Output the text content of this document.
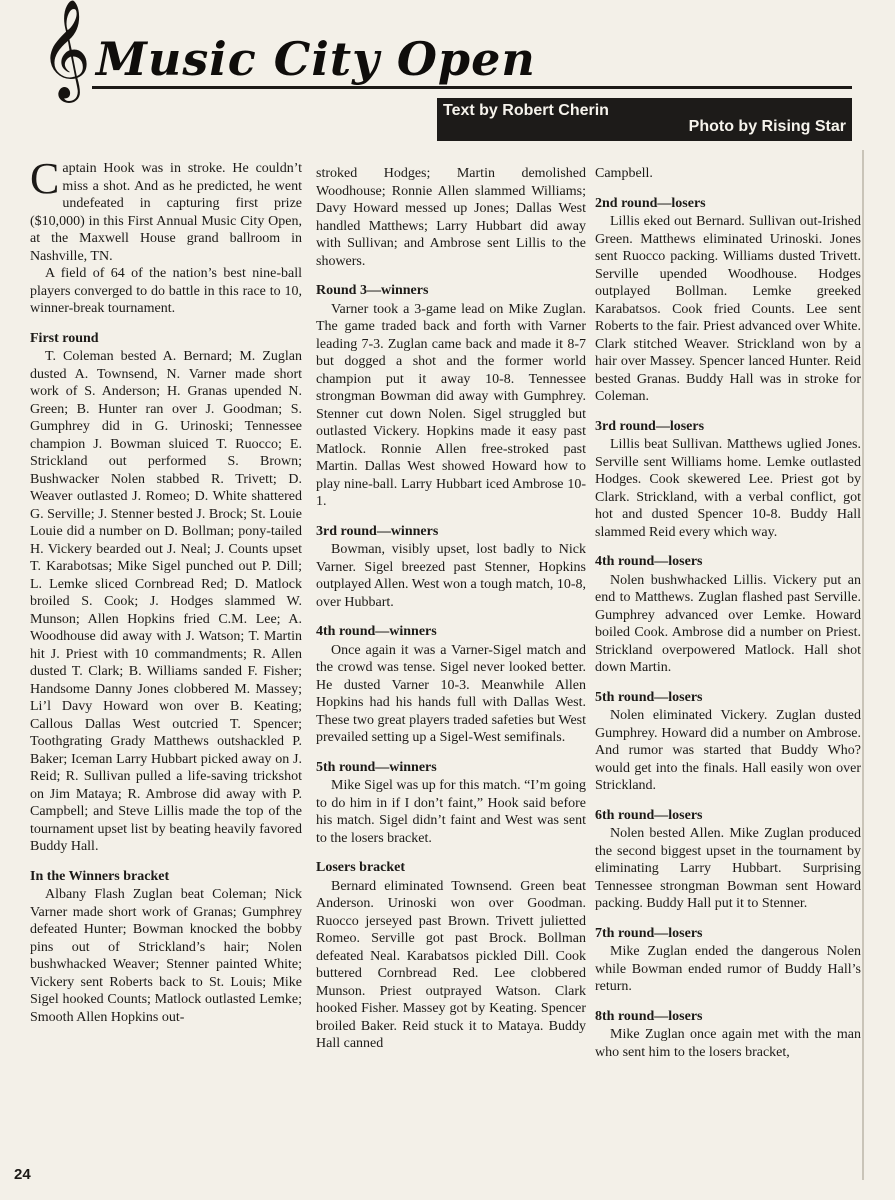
𝄞 Music City Open
Text by Robert Cherin
Photo by Rising Star

Captain Hook was in stroke. He couldn’t miss a shot. And as he predicted, he went undefeated in capturing first prize ($10,000) in this First Annual Music City Open, at the Maxwell House grand ballroom in Nashville, TN.

A field of 64 of the nation’s best nine-ball players converged to do battle in this race to 10, winner-break tournament.

First round

T. Coleman bested A. Bernard; M. Zuglan dusted A. Townsend, N. Varner made short work of S. Anderson; H. Granas upended N. Green; B. Hunter ran over J. Goodman; S. Gumphrey did in G. Urinoski; Tennessee champion J. Bowman sluiced T. Ruocco; E. Strickland out performed S. Brown; Bushwacker Nolen stabbed R. Trivett; D. Weaver outlasted J. Romeo; D. White shattered G. Serville; J. Stenner bested J. Brock; St. Louie Louie did a number on D. Bollman; pony-tailed H. Vickery bearded out J. Neal; J. Counts upset T. Karabotsas; Mike Sigel punched out P. Dill; L. Lemke sliced Cornbread Red; D. Matlock broiled S. Cook; J. Hodges slammed W. Munson; Allen Hopkins fried C.M. Lee; A. Woodhouse did away with J. Watson; T. Martin hit J. Priest with 10 commandments; R. Allen dusted T. Clark; B. Williams sanded F. Fisher; Handsome Danny Jones clobbered M. Massey; Li’l Davy Howard won over B. Keating; Callous Dallas West outcried T. Spencer; Toothgrating Grady Matthews outshackled P. Baker; Iceman Larry Hubbart picked away on J. Reid; R. Sullivan pulled a life-saving trickshot on Jim Mataya; R. Ambrose did away with P. Campbell; and Steve Lillis made the top of the tournament upset list by beating heavily favored Buddy Hall.

In the Winners bracket

Albany Flash Zuglan beat Coleman; Nick Varner made short work of Granas; Gumphrey defeated Hunter; Bowman knocked the bobby pins out of Strickland’s hair; Nolen bushwhacked Weaver; Stenner painted White; Vickery sent Roberts back to St. Louis; Mike Sigel hooked Counts; Matlock outlasted Lemke; Smooth Allen Hopkins out-

stroked Hodges; Martin demolished Woodhouse; Ronnie Allen slammed Williams; Davy Howard messed up Jones; Dallas West handled Matthews; Larry Hubbart did away with Sullivan; and Ambrose sent Lillis to the showers.

Round 3—winners

Varner took a 3-game lead on Mike Zuglan. The game traded back and forth with Varner leading 7-3. Zuglan came back and made it 8-7 but dogged a shot and the former world champion put it away 10-8. Tennessee strongman Bowman did away with Gumphrey. Stenner cut down Nolen. Sigel struggled but outlasted Vickery. Hopkins made it easy past Matlock. Ronnie Allen free-stroked past Martin. Dallas West showed Howard how to play nine-ball. Larry Hubbart iced Ambrose 10-1.

3rd round—winners

Bowman, visibly upset, lost badly to Nick Varner. Sigel breezed past Stenner, Hopkins outplayed Allen. West won a tough match, 10-8, over Hubbart.

4th round—winners

Once again it was a Varner-Sigel match and the crowd was tense. Sigel never looked better. He dusted Varner 10-3. Meanwhile Allen Hopkins had his hands full with Dallas West. These two great players traded safeties but West prevailed setting up a Sigel-West semifinals.

5th round—winners

Mike Sigel was up for this match. “I’m going to do him in if I don’t faint,” Hook said before his match. Sigel didn’t faint and West was sent to the losers bracket.

Losers bracket

Bernard eliminated Townsend. Green beat Anderson. Urinoski won over Goodman. Ruocco jerseyed past Brown. Trivett julietted Romeo. Serville got past Brock. Bollman defeated Neal. Karabatsos pickled Dill. Cook buttered Cornbread Red. Lee clobbered Munson. Priest outprayed Watson. Clark hooked Fisher. Massey got by Keating. Spencer broiled Baker. Reid stuck it to Mataya. Buddy Hall canned

Campbell.

2nd round—losers

Lillis eked out Bernard. Sullivan out-Irished Green. Matthews eliminated Urinoski. Jones sent Ruocco packing. Williams dusted Trivett. Serville upended Woodhouse. Hodges outplayed Bollman. Lemke greeked Karabatsos. Cook fried Counts. Lee sent Roberts to the fair. Priest advanced over White. Clark stitched Weaver. Strickland won by a hair over Massey. Spencer lanced Hunter. Reid bested Granas. Buddy Hall was in stroke for Coleman.

3rd round—losers

Lillis beat Sullivan. Matthews uglied Jones. Serville sent Williams home. Lemke outlasted Hodges. Cook skewered Lee. Priest got by Clark. Strickland, with a verbal conflict, got hot and dusted Spencer 10-8. Buddy Hall slammed Reid every which way.

4th round—losers

Nolen bushwhacked Lillis. Vickery put an end to Matthews. Zuglan flashed past Serville. Gumphrey advanced over Lemke. Howard boiled Cook. Ambrose did a number on Priest. Strickland overpowered Matlock. Hall shot down Martin.

5th round—losers

Nolen eliminated Vickery. Zuglan dusted Gumphrey. Howard did a number on Ambrose. And rumor was started that Buddy Who? would get into the finals. Hall easily won over Strickland.

6th round—losers

Nolen bested Allen. Mike Zuglan produced the second biggest upset in the tournament by eliminating Larry Hubbart. Surprising Tennessee strongman Bowman sent Howard packing. Buddy Hall put it to Stenner.

7th round—losers

Mike Zuglan ended the dangerous Nolen while Bowman ended rumor of Buddy Hall’s return.

8th round—losers

Mike Zuglan once again met with the man who sent him to the losers bracket,

24
